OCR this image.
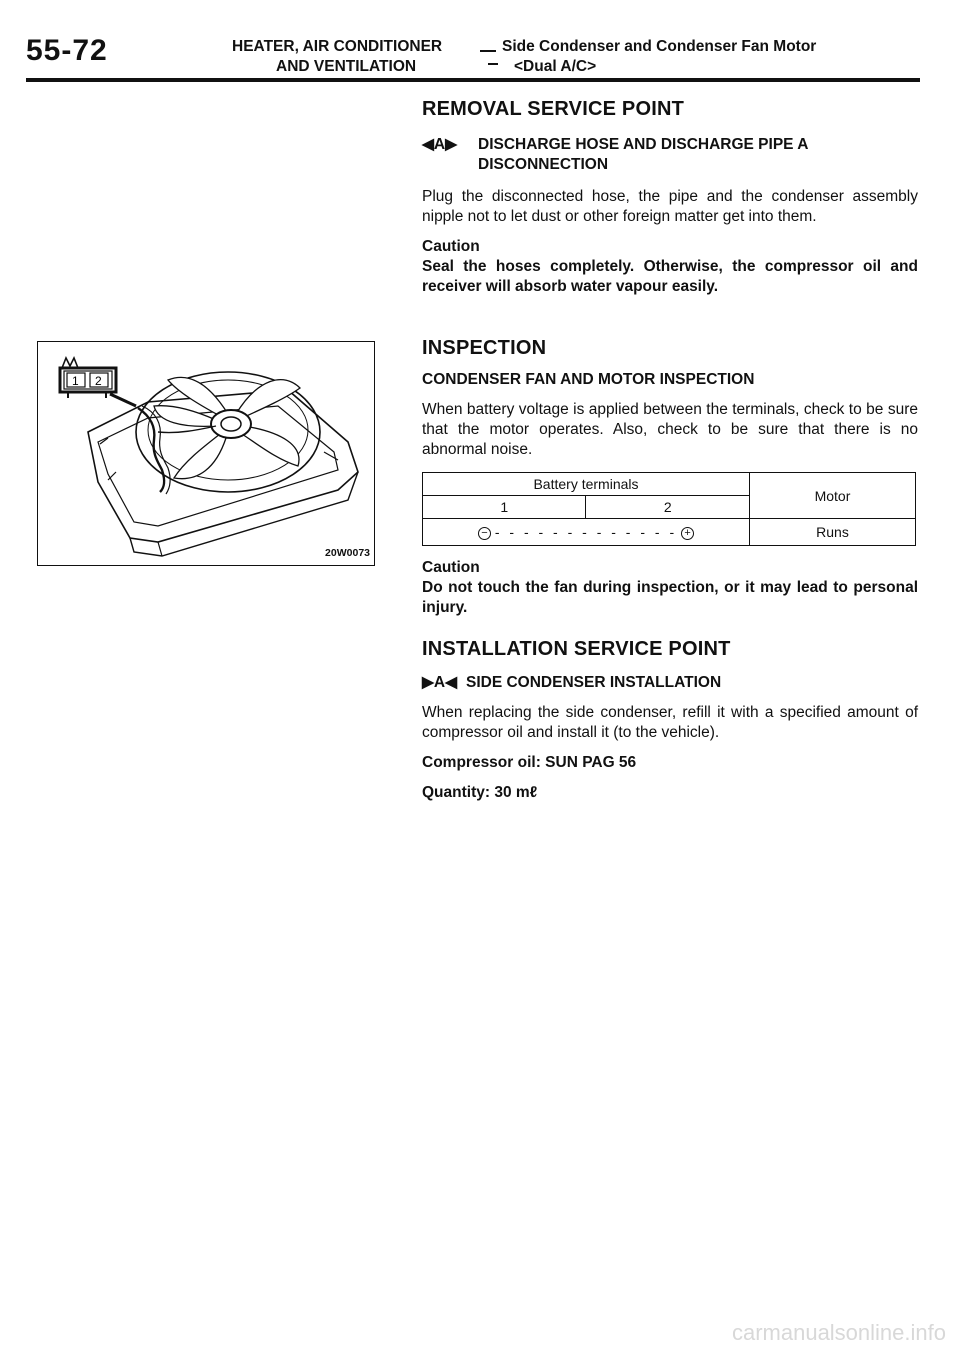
55-72	HEATER, AIR CONDITIONER
AND VENTILATION
Side Condenser and Condenser Fan Motor
<Dual A/C>
1 2
20W0073
REMOVAL SERVICE POINT
◀A▶	DISCHARGE HOSE AND DISCHARGE PIPE A
DISCONNECTION

Plug the disconnected hose, the pipe and the condenser assembly nipple not to let dust or other foreign matter get into them.

Caution

Seal the hoses completely. Otherwise, the compressor oil and receiver will absorb water vapour easily.

INSPECTION
CONDENSER FAN AND MOTOR INSPECTION

When battery voltage is applied between the terminals, check to be sure that the motor operates. Also, check to be sure that there is no abnormal noise.

Battery terminals		Motor
1	2	
− - - - - - - - - - - - - - +		Runs

Caution

Do not touch the fan during inspection, or it may lead to personal injury.

INSTALLATION SERVICE POINT
▶A◀ SIDE CONDENSER INSTALLATION

When replacing the side condenser, refill it with a specified amount of compressor oil and install it (to the vehicle).

Compressor oil: SUN PAG 56

Quantity: 30 mℓ

carmanualsonline.info
